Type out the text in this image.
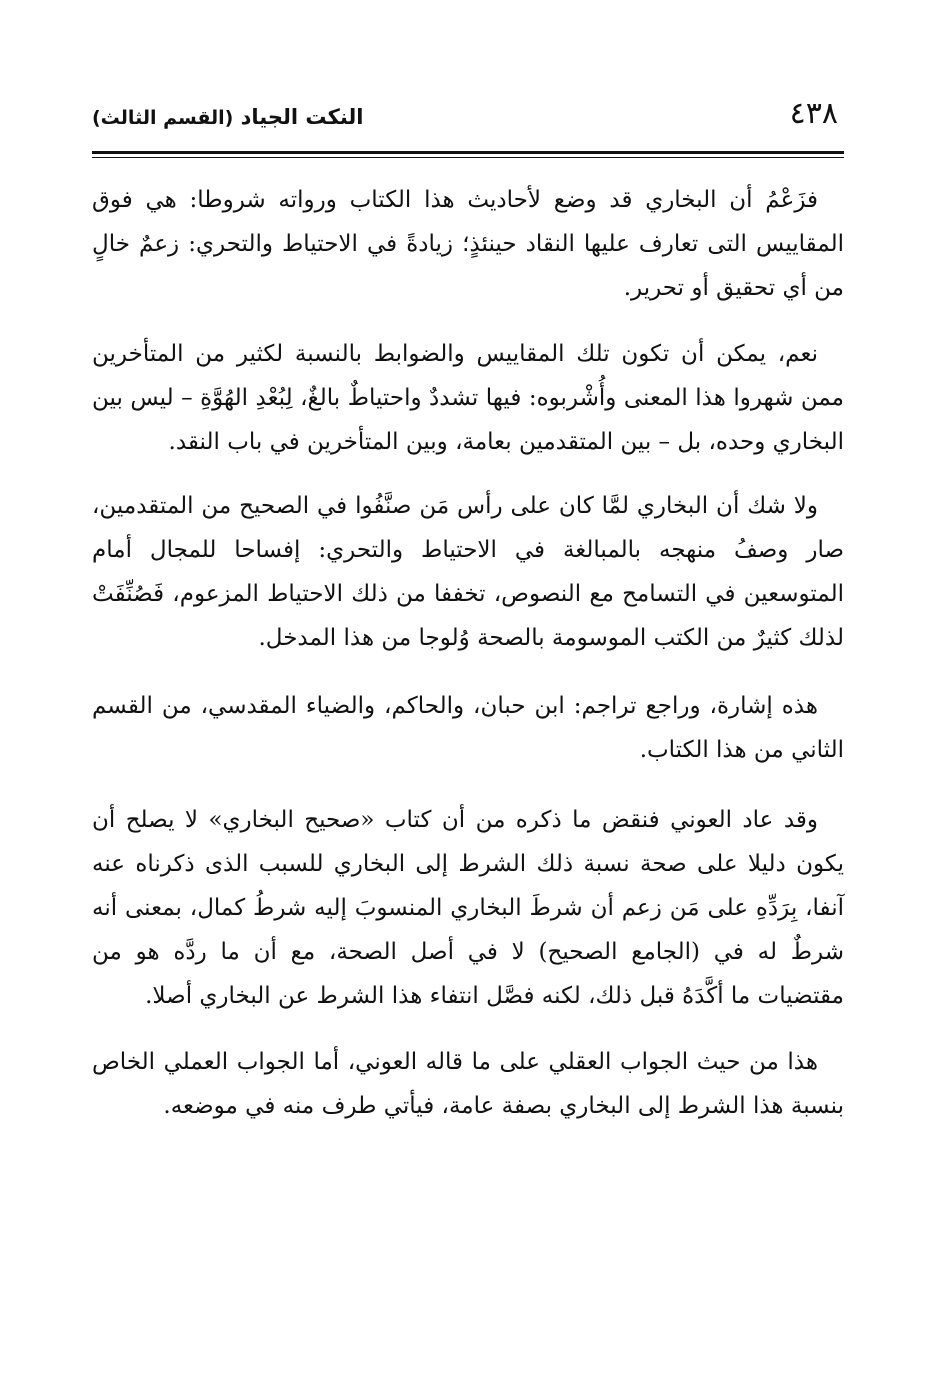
٤٣٨
النكت الجياد (القسم الثالث)

فزَعْمُ أن البخاري قد وضع لأحاديث هذا الكتاب ورواته شروطا: هي فوق المقاييس التى تعارف عليها النقاد حينئذٍ؛ زيادةً في الاحتياط والتحري: زعمٌ خالٍ من أي تحقيق أو تحرير.

نعم، يمكن أن تكون تلك المقاييس والضوابط بالنسبة لكثير من المتأخرين ممن شهروا هذا المعنى وأُشْربوه: فيها تشددٌ واحتياطٌ بالغٌ، لِبُعْدِ الهُوَّةِ – ليس بين البخاري وحده، بل – بين المتقدمين بعامة، وبين المتأخرين في باب النقد.

ولا شك أن البخاري لمَّا كان على رأس مَن صنَّفُوا في الصحيح من المتقدمين، صار وصفُ منهجه بالمبالغة في الاحتياط والتحري: إفساحا للمجال أمام المتوسعين في التسامح مع النصوص، تخففا من ذلك الاحتياط المزعوم، فَصُنِّفَتْ لذلك كثيرٌ من الكتب الموسومة بالصحة وُلوجا من هذا المدخل.

هذه إشارة، وراجع تراجم: ابن حبان، والحاكم، والضياء المقدسي، من القسم الثاني من هذا الكتاب.

وقد عاد العوني فنقض ما ذكره من أن كتاب «صحيح البخاري» لا يصلح أن يكون دليلا على صحة نسبة ذلك الشرط إلى البخاري للسبب الذى ذكرناه عنه آنفا، بِرَدِّهِ على مَن زعم أن شرطَ البخاري المنسوبَ إليه شرطُ كمال، بمعنى أنه شرطٌ له في (الجامع الصحيح) لا في أصل الصحة، مع أن ما ردَّه هو من مقتضيات ما أكَّدَهُ قبل ذلك، لكنه فصَّل انتفاء هذا الشرط عن البخاري أصلا.

هذا من حيث الجواب العقلي على ما قاله العوني، أما الجواب العملي الخاص بنسبة هذا الشرط إلى البخاري بصفة عامة، فيأتي طرف منه في موضعه.
